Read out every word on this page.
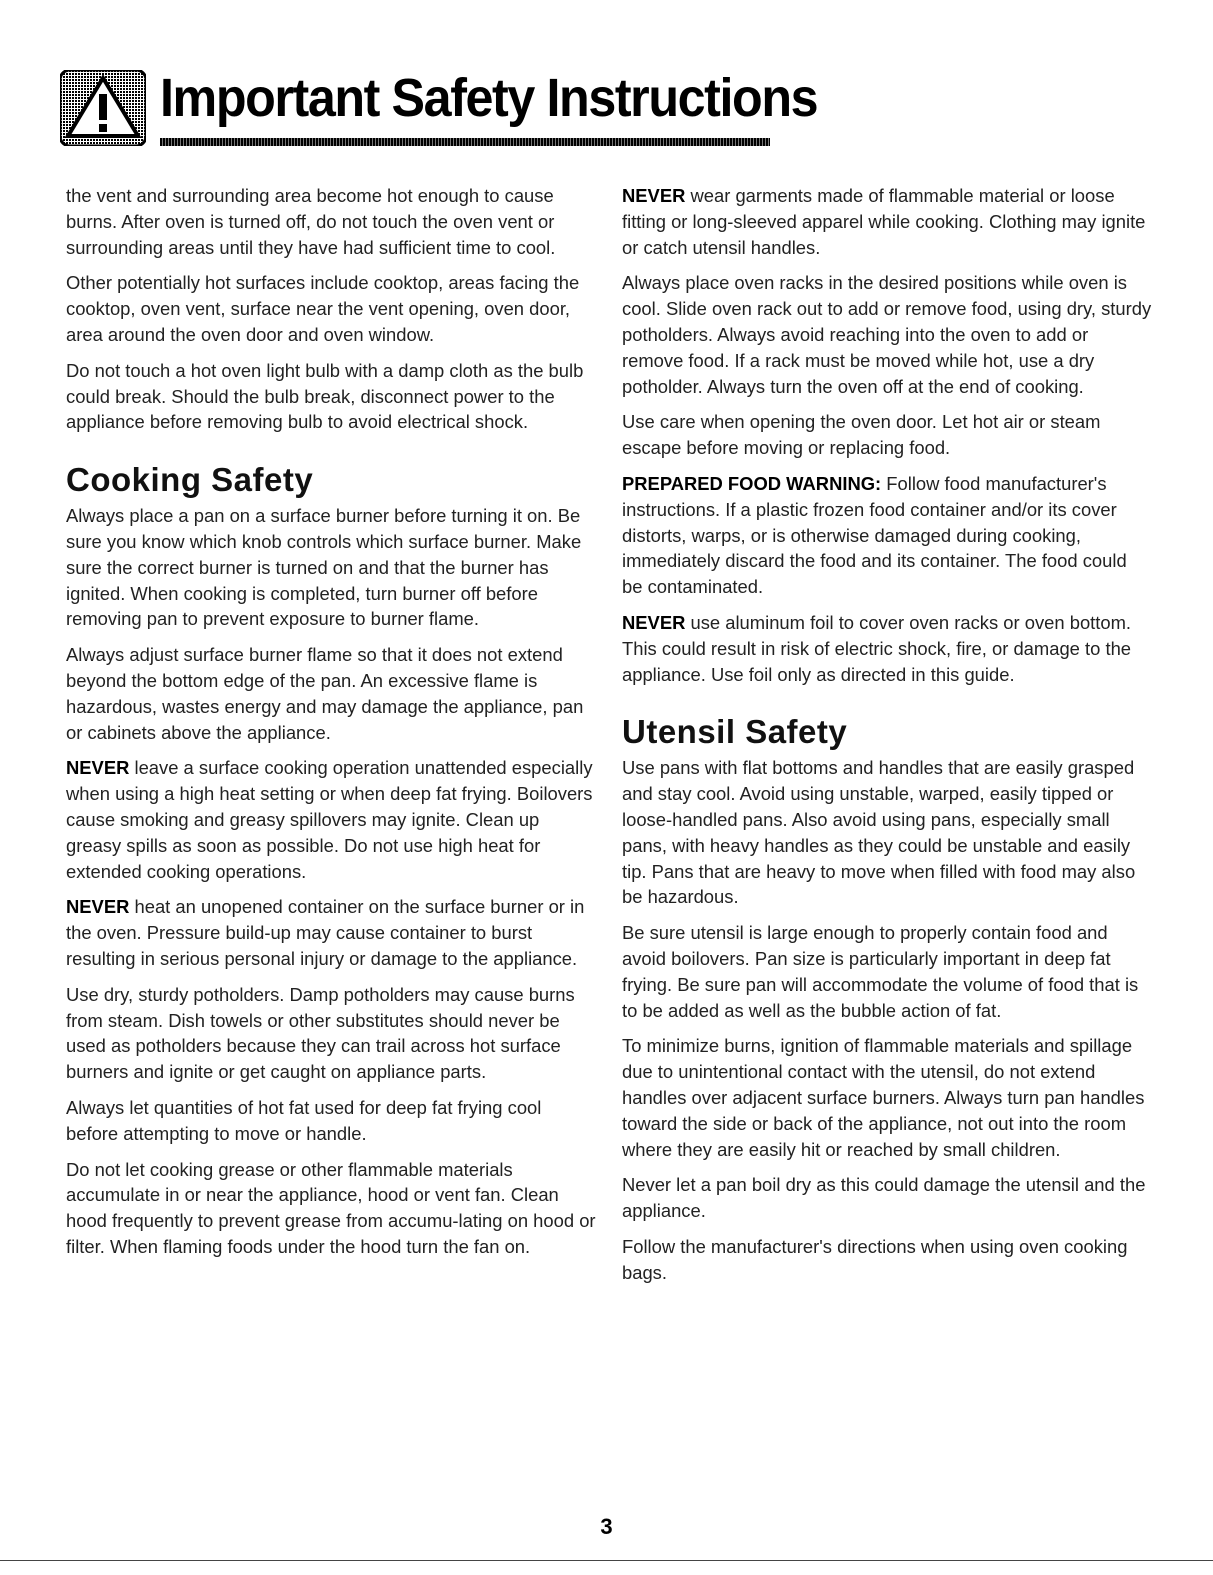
Important Safety Instructions

the vent and surrounding area become hot enough to cause burns. After oven is turned off, do not touch the oven vent or surrounding areas until they have had sufficient time to cool.

Other potentially hot surfaces include cooktop, areas facing the cooktop, oven vent, surface near the vent opening, oven door, area around the oven door and oven window.

Do not touch a hot oven light bulb with a damp cloth as the bulb could break. Should the bulb break, disconnect power to the appliance before removing bulb to avoid electrical shock.

Cooking Safety

Always place a pan on a surface burner before turning it on. Be sure you know which knob controls which surface burner. Make sure the correct burner is turned on and that the burner has ignited. When cooking is completed, turn burner off before removing pan to prevent exposure to burner flame.

Always adjust surface burner flame so that it does not extend beyond the bottom edge of the pan. An excessive flame is hazardous, wastes energy and may damage the appliance, pan or cabinets above the appliance.

NEVER leave a surface cooking operation unattended especially when using a high heat setting or when deep fat frying. Boilovers cause smoking and greasy spillovers may ignite. Clean up greasy spills as soon as possible. Do not use high heat for extended cooking operations.

NEVER heat an unopened container on the surface burner or in the oven. Pressure build-up may cause container to burst resulting in serious personal injury or damage to the appliance.

Use dry, sturdy potholders. Damp potholders may cause burns from steam. Dish towels or other substitutes should never be used as potholders because they can trail across hot surface burners and ignite or get caught on appliance parts.

Always let quantities of hot fat used for deep fat frying cool before attempting to move or handle.

Do not let cooking grease or other flammable materials accumulate in or near the appliance, hood or vent fan. Clean hood frequently to prevent grease from accumu-lating on hood or filter. When flaming foods under the hood turn the fan on.

NEVER wear garments made of flammable material or loose fitting or long-sleeved apparel while cooking. Clothing may ignite or catch utensil handles.

Always place oven racks in the desired positions while oven is cool. Slide oven rack out to add or remove food, using dry, sturdy potholders. Always avoid reaching into the oven to add or remove food. If a rack must be moved while hot, use a dry potholder. Always turn the oven off at the end of cooking.

Use care when opening the oven door. Let hot air or steam escape before moving or replacing food.

PREPARED FOOD WARNING: Follow food manufacturer's instructions. If a plastic frozen food container and/or its cover distorts, warps, or is otherwise damaged during cooking, immediately discard the food and its container. The food could be contaminated.

NEVER use aluminum foil to cover oven racks or oven bottom. This could result in risk of electric shock, fire, or damage to the appliance. Use foil only as directed in this guide.

Utensil Safety

Use pans with flat bottoms and handles that are easily grasped and stay cool. Avoid using unstable, warped, easily tipped or loose-handled pans. Also avoid using pans, especially small pans, with heavy handles as they could be unstable and easily tip. Pans that are heavy to move when filled with food may also be hazardous.

Be sure utensil is large enough to properly contain food and avoid boilovers. Pan size is particularly important in deep fat frying. Be sure pan will accommodate the volume of food that is to be added as well as the bubble action of fat.

To minimize burns, ignition of flammable materials and spillage due to unintentional contact with the utensil, do not extend handles over adjacent surface burners. Always turn pan handles toward the side or back of the appliance, not out into the room where they are easily hit or reached by small children.

Never let a pan boil dry as this could damage the utensil and the appliance.

Follow the manufacturer's directions when using oven cooking bags.

3
